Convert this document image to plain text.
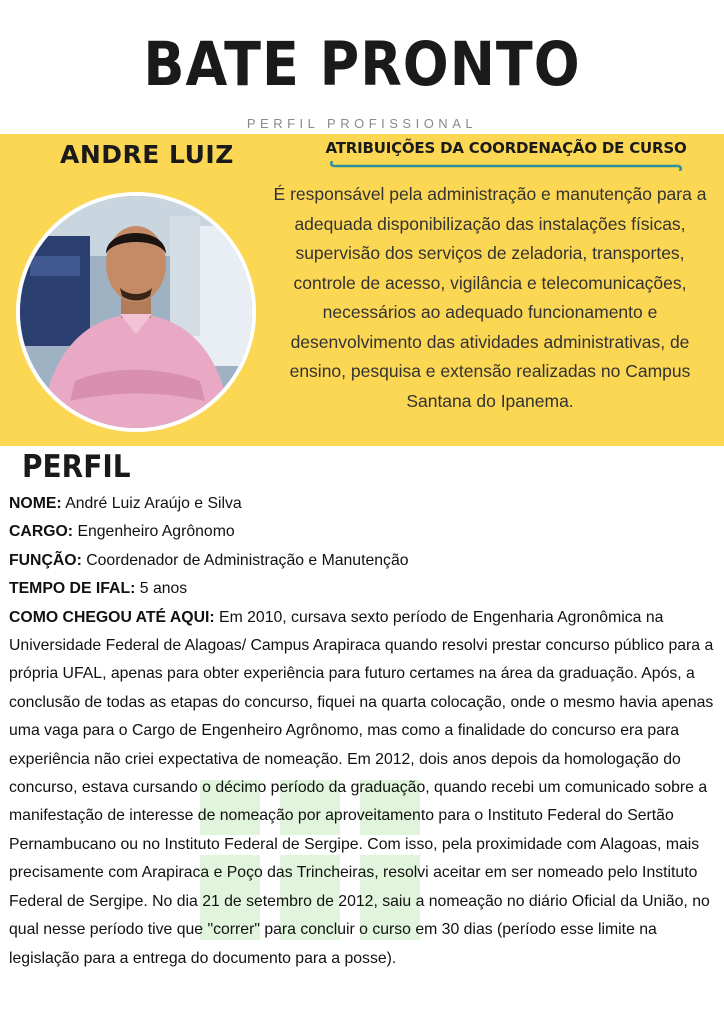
BATE PRONTO
PERFIL PROFISSIONAL
ANDRE LUIZ	ATRIBUIÇÕES DA COORDENAÇÃO DE CURSO
É responsável pela administração e manutenção para a adequada disponibilização das instalações físicas, supervisão dos serviços de zeladoria, transportes, controle de acesso, vigilância e telecomunicações, necessários ao adequado funcionamento e desenvolvimento das atividades administrativas, de ensino, pesquisa e extensão realizadas no Campus Santana do Ipanema.
PERFIL

NOME: André Luiz Araújo e Silva

CARGO: Engenheiro Agrônomo

FUNÇÃO: Coordenador de Administração e Manutenção

TEMPO DE IFAL: 5 anos

COMO CHEGOU ATÉ AQUI: Em 2010, cursava sexto período de Engenharia Agronômica na Universidade Federal de Alagoas/ Campus Arapiraca quando resolvi prestar concurso público para a própria UFAL, apenas para obter experiência para futuro certames na área da graduação. Após, a conclusão de todas as etapas do concurso, fiquei na quarta colocação, onde o mesmo havia apenas uma vaga para o Cargo de Engenheiro Agrônomo, mas como a finalidade do concurso era para experiência não criei expectativa de nomeação. Em 2012, dois anos depois da homologação do concurso, estava cursando o décimo período da graduação, quando recebi um comunicado sobre a manifestação de interesse de nomeação por aproveitamento para o Instituto Federal do Sertão Pernambucano ou no Instituto Federal de Sergipe. Com isso, pela proximidade com Alagoas, mais precisamente com Arapiraca e Poço das Trincheiras, resolvi aceitar em ser nomeado pelo Instituto Federal de Sergipe. No dia 21 de setembro de 2012, saiu a nomeação no diário Oficial da União, no qual nesse período tive que "correr" para concluir o curso em 30 dias (período esse limite na legislação para a entrega do documento para a posse).
